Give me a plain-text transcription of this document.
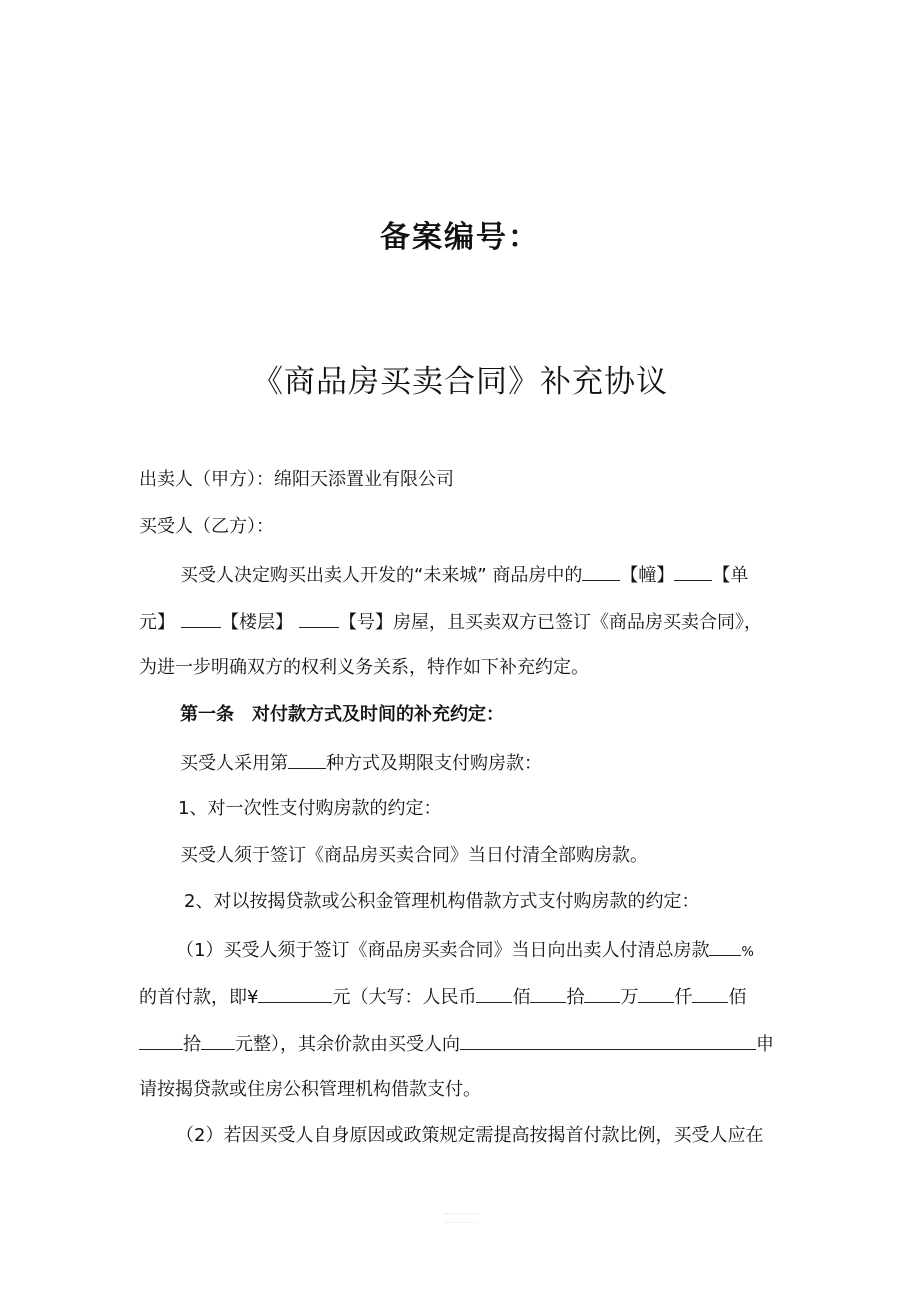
备案编号：
《商品房买卖合同》补充协议
出卖人（甲方）：绵阳天添置业有限公司
买受人（乙方）：
买受人决定购买出卖人开发的“未来城” 商品房中的 【幢】 【单
元】	【楼层】	【号】房屋，且买卖双方已签订《商品房买卖合同》，
为进一步明确双方的权利义务关系，特作如下补充约定。
第一条　对付款方式及时间的补充约定：
买受人采用第 种方式及期限支付购房款：
1、对一次性支付购房款的约定：
买受人须于签订《商品房买卖合同》当日付清全部购房款。
2、对以按揭贷款或公积金管理机构借款方式支付购房款的约定：
（1）买受人须于签订《商品房买卖合同》当日向出卖人付清总房款 %
的首付款，即¥	元（大写：人民币 佰 拾 万 仟 佰
拾 元整），其余价款由买受人向	申
请按揭贷款或住房公积管理机构借款支付。
（2）若因买受人自身原因或政策规定需提高按揭首付款比例，买受人应在
